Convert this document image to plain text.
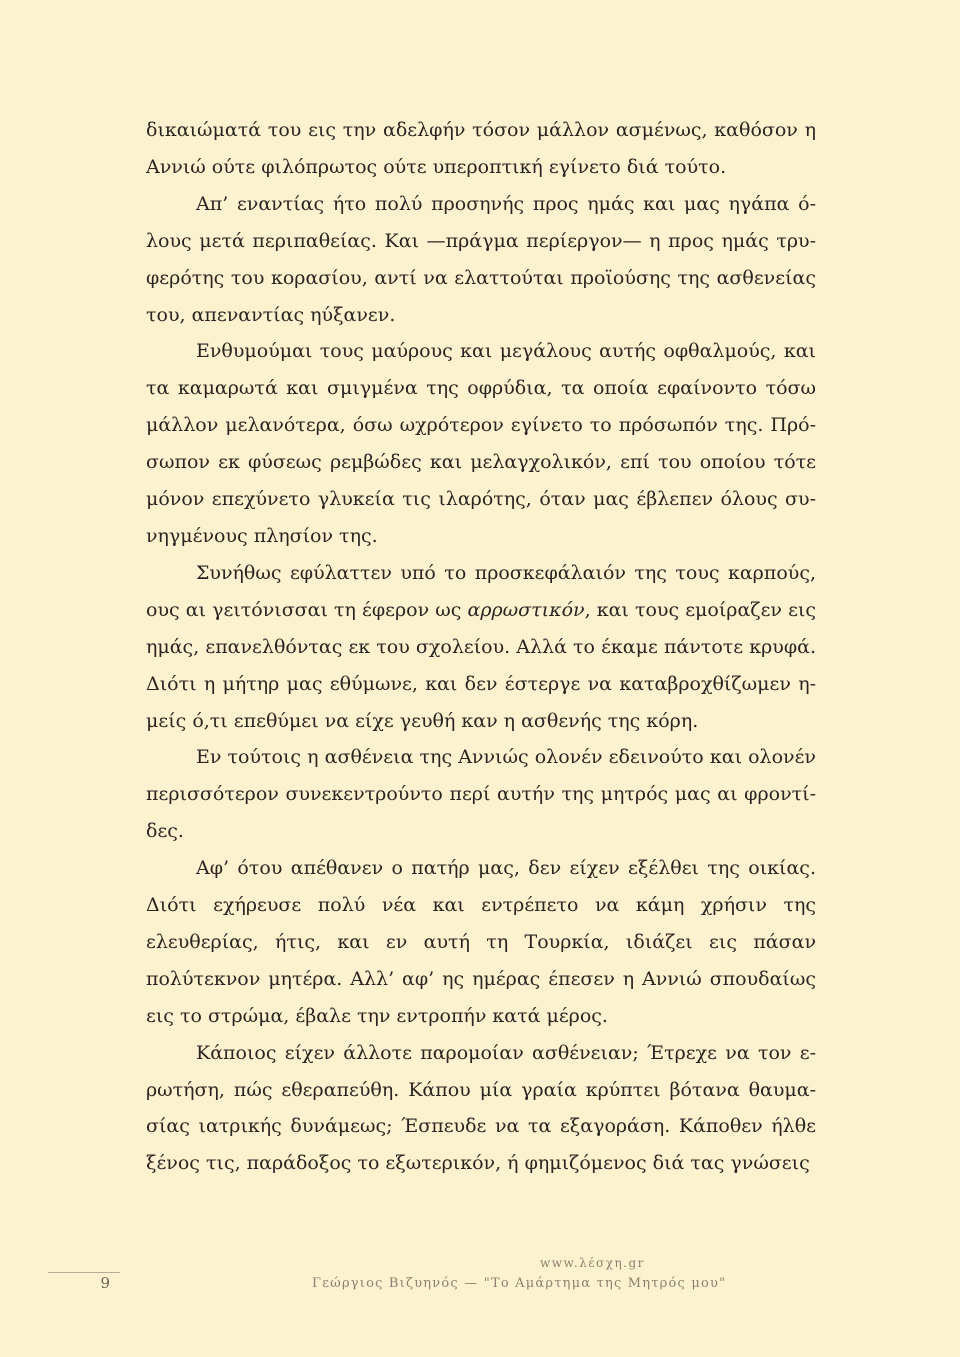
δικαιώματά του εις την αδελφήν τόσον μάλλον ασμένως, καθόσον η Αννιώ ούτε φιλόπρωτος ούτε υπεροπτική εγίνετο διά τούτο.

Απ’ εναντίας ήτο πολύ προσηνής προς ημάς και μας ηγάπα όλους μετά περιπαθείας. Και —πράγμα περίεργον— η προς ημάς τρυφερότης του κορασίου, αντί να ελαττούται προϊούσης της ασθενείας του, απεναντίας ηύξανεν.

Ενθυμούμαι τους μαύρους και μεγάλους αυτής οφθαλμούς, και τα καμαρωτά και σμιγμένα της οφρύδια, τα οποία εφαίνοντο τόσω μάλλον μελανότερα, όσω ωχρότερον εγίνετο το πρόσωπόν της. Πρόσωπον εκ φύσεως ρεμβώδες και μελαγχολικόν, επί του οποίου τότε μόνον επεχύνετο γλυκεία τις ιλαρότης, όταν μας έβλεπεν όλους συνηγμένους πλησίον της.

Συνήθως εφύλαττεν υπό το προσκεφάλαιόν της τους καρπούς, ους αι γειτόνισσαι τη έφερον ως αρρωστικόν, και τους εμοίραζεν εις ημάς, επανελθόντας εκ του σχολείου. Αλλά το έκαμε πάντοτε κρυφά. Διότι η μήτηρ μας εθύμωνε, και δεν έστεργε να καταβροχθίζωμεν ημείς ό,τι επεθύμει να είχε γευθή καν η ασθενής της κόρη.

Εν τούτοις η ασθένεια της Αννιώς ολονέν εδεινούτο και ολονέν περισσότερον συνεκεντρούντο περί αυτήν της μητρός μας αι φροντίδες.

Αφ’ ότου απέθανεν ο πατήρ μας, δεν είχεν εξέλθει της οικίας. Διότι εχήρευσε πολύ νέα και εντρέπετο να κάμη χρήσιν της ελευθερίας, ήτις, και εν αυτή τη Τουρκία, ιδιάζει εις πάσαν πολύτεκνον μητέρα. Αλλ’ αφ’ ης ημέρας έπεσεν η Αννιώ σπουδαίως εις το στρώμα, έβαλε την εντροπήν κατά μέρος.

Κάποιος είχεν άλλοτε παρομοίαν ασθένειαν; Έτρεχε να τον ερωτήση, πώς εθεραπεύθη. Κάπου μία γραία κρύπτει βότανα θαυμασίας ιατρικής δυνάμεως; Έσπευδε να τα εξαγοράση. Κάποθεν ήλθε ξένος τις, παράδοξος το εξωτερικόν, ή φημιζόμενος διά τας γνώσεις

9
www.λέσχη.gr
Γεώργιος Βιζυηνός — "Το Αμάρτημα της Μητρός μου"
